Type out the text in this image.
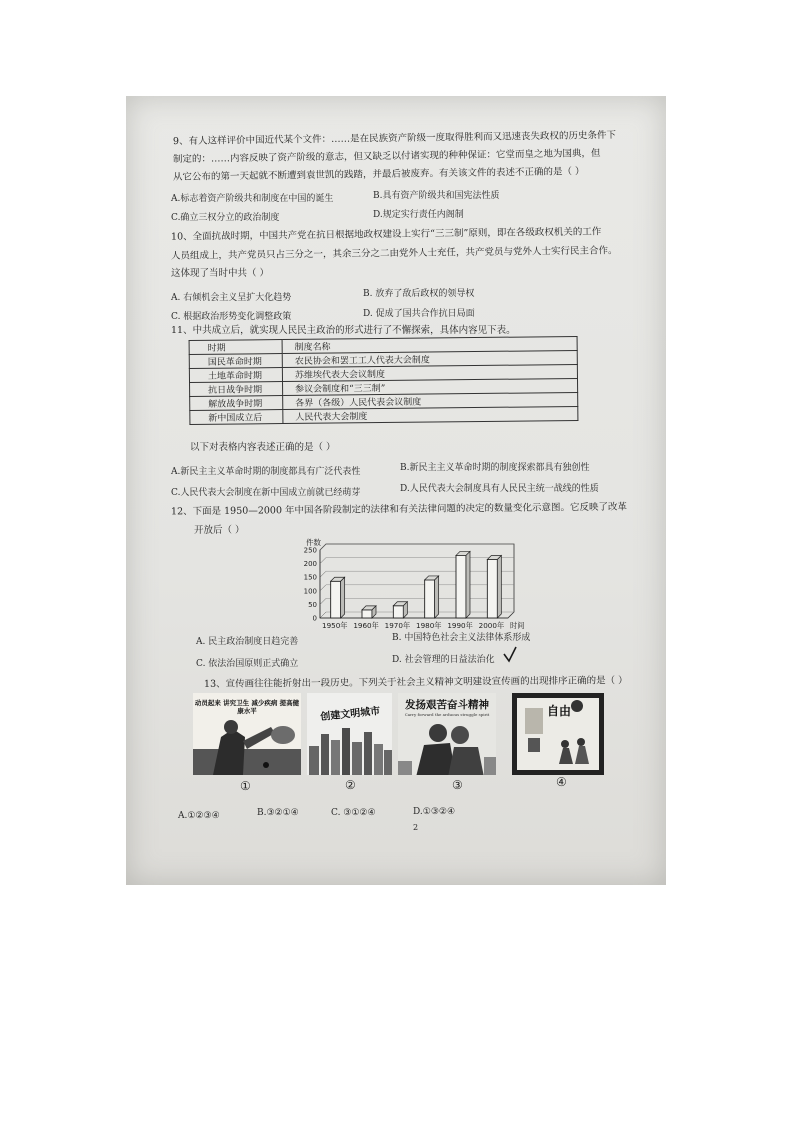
9、有人这样评价中国近代某个文件：……是在民族资产阶级一度取得胜利而又迅速丧失政权的历史条件下
制定的：……内容反映了资产阶级的意志，但又缺乏以付诸实现的种种保证：它堂而皇之地为国典，但
从它公布的第一天起就不断遭到袁世凯的践踏，并最后被废弃。有关该文件的表述不正确的是（ ）
A.标志着资产阶级共和制度在中国的诞生	B.具有资产阶级共和国宪法性质
C.确立三权分立的政治制度	D.规定实行责任内阁制
10、全面抗战时期，中国共产党在抗日根据地政权建设上实行“三三制”原则，即在各级政权机关的工作
人员组成上，共产党员只占三分之一，其余三分之二由党外人士充任，共产党员与党外人士实行民主合作。
这体现了当时中共（ ）
A. 右倾机会主义呈扩大化趋势	B. 放弃了敌后政权的领导权
C. 根据政治形势变化调整政策	D. 促成了国共合作抗日局面
11、中共成立后，就实现人民民主政治的形式进行了不懈探索，具体内容见下表。
时期	制度名称
国民革命时期	农民协会和罢工工人代表大会制度
土地革命时期	苏维埃代表大会议制度
抗日战争时期	参议会制度和“三三制”
解放战争时期	各界（各级）人民代表会议制度
新中国成立后	人民代表大会制度
以下对表格内容表述正确的是（ ）
A.新民主主义革命时期的制度都具有广泛代表性	B.新民主主义革命时期的制度探索都具有独创性
C.人民代表大会制度在新中国成立前就已经萌芽	D.人民代表大会制度具有人民民主统一战线的性质
12、下面是 1950—2000 年中国各阶段制定的法律和有关法律问题的决定的数量变化示意图。它反映了改革
开放后（ ）
0
50
100
150
200
250
件数
1950年 1960年 1970年 1980年 1990年 2000年 时间
A. 民主政治制度日趋完善	B. 中国特色社会主义法律体系形成
C. 依法治国原则正式确立	D. 社会管理的日益法治化
13、宣传画往往能折射出一段历史。下列关于社会主义精神文明建设宣传画的出现排序正确的是（ ）
动员起来 讲究卫生 减少疾病 提高健康水平	创建文明城市
发扬艰苦奋斗精神
Carry forward the arduous struggle spirit	自由
①	②	③	④
A.①②③④	B.③②①④	C. ③①②④	D.①③②④
2
